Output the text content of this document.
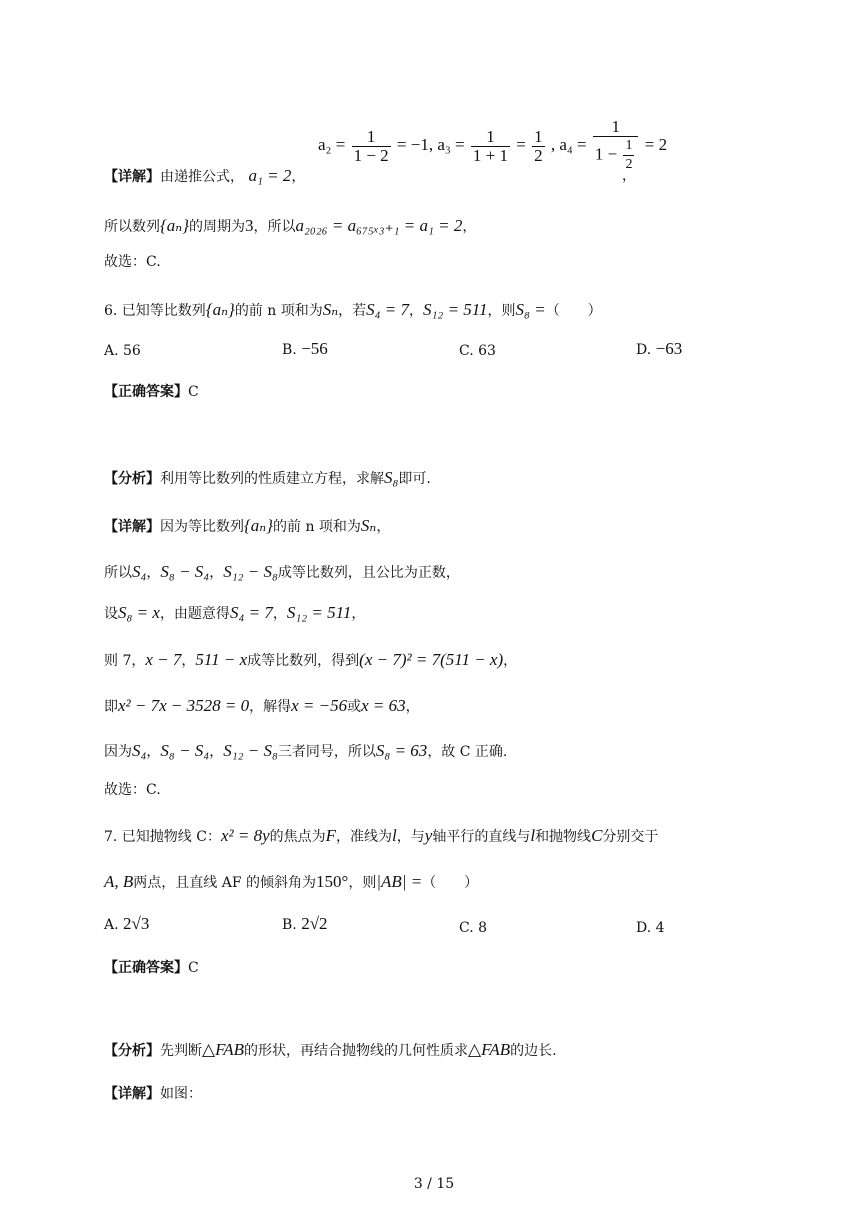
$a_2 = \frac{1}{1 - 2} = -1$, $a_3 = \frac{1}{1 + 1} = \frac{1}{2}$ , $a_4 = \frac{1}{1 - \frac{1}{2}} = 2$
【详解】由递推公式， a₁ = 2，	，
所以数列{aₙ}的周期为3，所以a₂₀₂₆ = a₆₇₅ₓ₃₊₁ = a₁ = 2，
故选：C.
6. 已知等比数列{aₙ}的前 n 项和为Sₙ，若S₄ = 7，S₁₂ = 511，则S₈ =（　　）
A. 56	B. −56	C. 63	D. −63
【正确答案】C
【分析】利用等比数列的性质建立方程，求解S₈即可.
【详解】因为等比数列{aₙ}的前 n 项和为Sₙ，
所以S₄，S₈ − S₄，S₁₂ − S₈成等比数列，且公比为正数，
设S₈ = x，由题意得S₄ = 7，S₁₂ = 511，
则 7，x − 7，511 − x成等比数列，得到(x − 7)² = 7(511 − x)，
即x² − 7x − 3528 = 0，解得x = −56或x = 63，
因为S₄，S₈ − S₄，S₁₂ − S₈三者同号，所以S₈ = 63，故 C 正确.
故选：C.
7. 已知抛物线 C：x² = 8y的焦点为F，准线为l，与y轴平行的直线与l和抛物线C分别交于
A, B两点，且直线 AF 的倾斜角为150°，则|AB| =（　　）
A. 2√3	B. 2√2	C. 8	D. 4
【正确答案】C
【分析】先判断△FAB的形状，再结合抛物线的几何性质求△FAB的边长.
【详解】如图：
3 / 15
